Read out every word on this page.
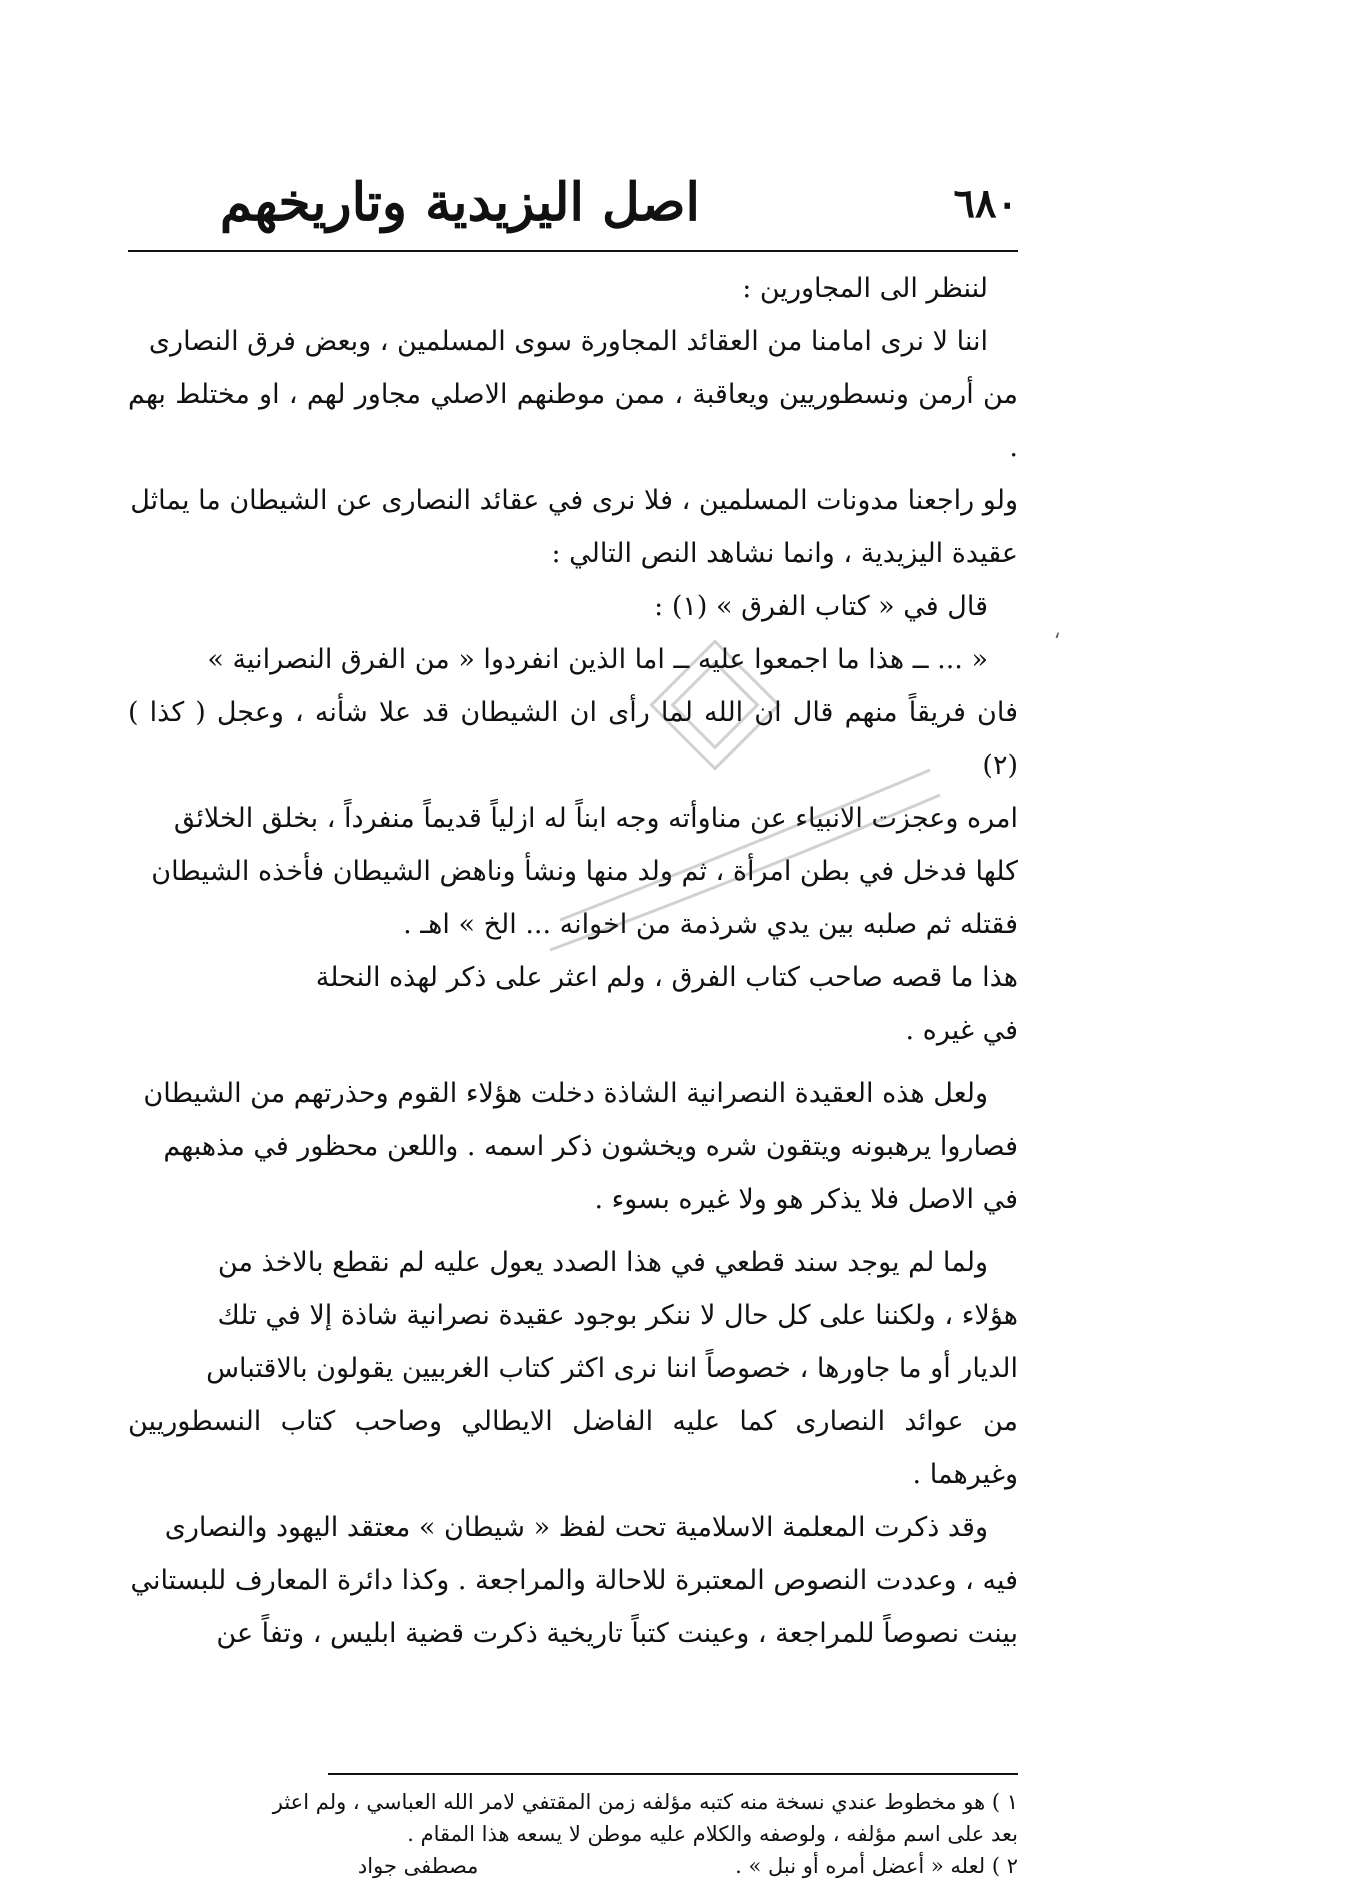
٦٨٠
اصل اليزيدية وتاريخهم

لننظر الى المجاورين :

اننا لا نرى امامنا من العقائد المجاورة سوى المسلمين ، وبعض فرق النصارى

من أرمن ونسطوريين ويعاقبة ، ممن موطنهم الاصلي مجاور لهم ، او مختلط بهم .

ولو راجعنا مدونات المسلمين ، فلا نرى في عقائد النصارى عن الشيطان ما يماثل

عقيدة اليزيدية ، وانما نشاهد النص التالي :

قال في « كتاب الفرق » (١) :

« ... ــ هذا ما اجمعوا عليه ــ اما الذين انفردوا « من الفرق النصرانية »

فان فريقاً منهم قال ان الله لما رأى ان الشيطان قد علا شأنه ، وعجل ( كذا ) (٢)

امره وعجزت الانبياء عن مناوأته وجه ابناً له ازلياً قديماً منفرداً ، بخلق الخلائق

كلها فدخل في بطن امرأة ، ثم ولد منها ونشأ وناهض الشيطان فأخذه الشيطان

فقتله ثم صلبه بين يدي شرذمة من اخوانه ... الخ » اهـ .

هذا ما قصه صاحب كتاب الفرق ، ولم اعثر على ذكر لهذه النحلة

في غيره .

ولعل هذه العقيدة النصرانية الشاذة دخلت هؤلاء القوم وحذرتهم من الشيطان

فصاروا يرهبونه ويتقون شره ويخشون ذكر اسمه . واللعن محظور في مذهبهم

في الاصل فلا يذكر هو ولا غيره بسوء .

ولما لم يوجد سند قطعي في هذا الصدد يعول عليه لم نقطع بالاخذ من

هؤلاء ، ولكننا على كل حال لا ننكر بوجود عقيدة نصرانية شاذة إلا في تلك

الديار أو ما جاورها ، خصوصاً اننا نرى اكثر كتاب الغربيين يقولون بالاقتباس

من عوائد النصارى كما عليه الفاضل الايطالي وصاحب كتاب النسطوريين وغيرهما .

وقد ذكرت المعلمة الاسلامية تحت لفظ « شيطان » معتقد اليهود والنصارى

فيه ، وعددت النصوص المعتبرة للاحالة والمراجعة . وكذا دائرة المعارف للبستاني

بينت نصوصاً للمراجعة ، وعينت كتباً تاريخية ذكرت قضية ابليس ، وتفاً عن

١ ) هو مخطوط عندي نسخة منه كتبه مؤلفه زمن المقتفي لامر الله العباسي ، ولم اعثر

بعد على اسم مؤلفه ، ولوصفه والكلام عليه موطن لا يسعه هذا المقام .

٢ ) لعله « أعضل أمره أو نبل » . مصطفى جواد

⸲
